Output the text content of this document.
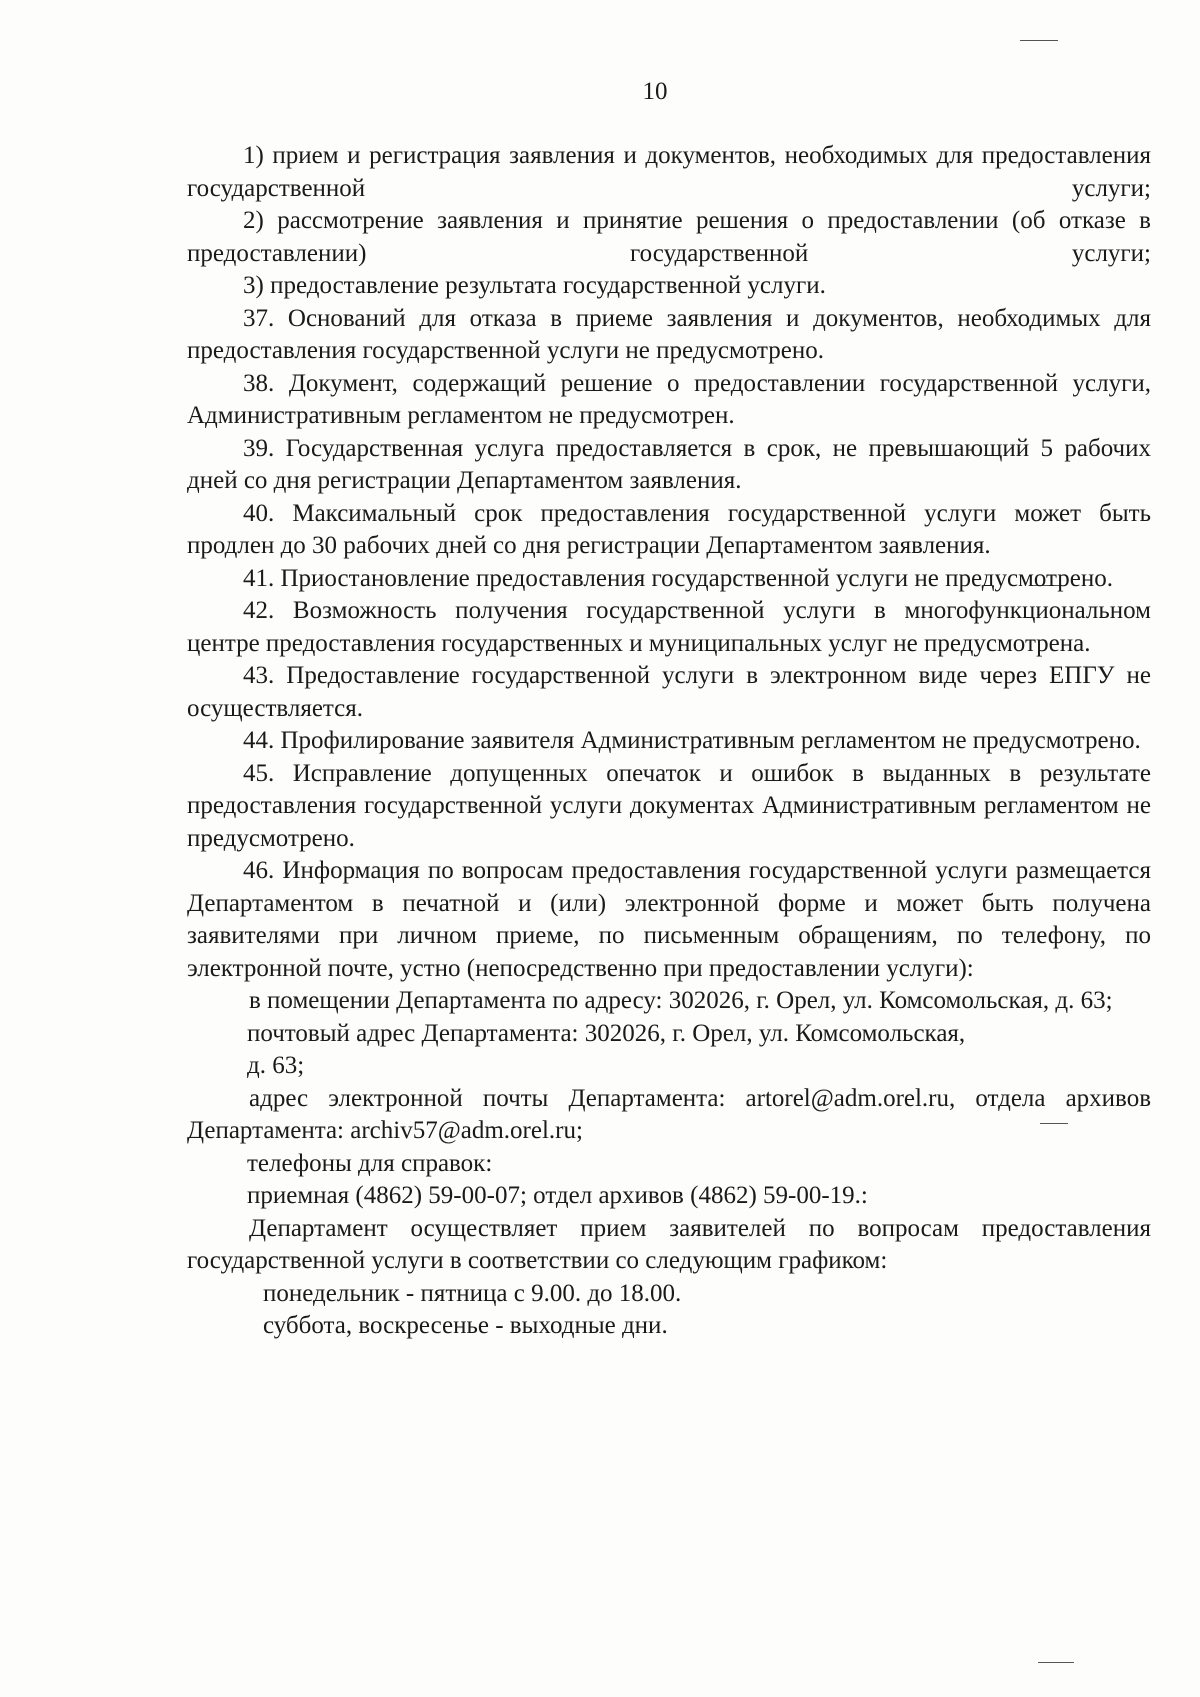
10

1) прием и регистрация заявления и документов, необходимых для предоставления государственной услуги;

2) рассмотрение заявления и принятие решения о предоставлении (об отказе в предоставлении) государственной услуги;

3) предоставление результата государственной услуги.

37. Оснований для отказа в приеме заявления и документов, необходимых для предоставления государственной услуги не предусмотрено.

38. Документ, содержащий решение о предоставлении государственной услуги, Административным регламентом не предусмотрен.

39. Государственная услуга предоставляется в срок, не превышающий 5 рабочих дней со дня регистрации Департаментом заявления.

40. Максимальный срок предоставления государственной услуги может быть продлен до 30 рабочих дней со дня регистрации Департаментом заявления.

41. Приостановление предоставления государственной услуги не предусмотрено.

42. Возможность получения государственной услуги в многофункциональном центре предоставления государственных и муниципальных услуг не предусмотрена.

43. Предоставление государственной услуги в электронном виде через ЕПГУ не осуществляется.

44. Профилирование заявителя Административным регламентом не предусмотрено.

45. Исправление допущенных опечаток и ошибок в выданных в результате предоставления государственной услуги документах Административным регламентом не предусмотрено.

46. Информация по вопросам предоставления государственной услуги размещается Департаментом в печатной и (или) электронной форме и может быть получена заявителями при личном приеме, по письменным обращениям, по телефону, по электронной почте, устно (непосредственно при предоставлении услуги):

в помещении Департамента по адресу: 302026, г. Орел, ул. Комсомольская, д. 63;

почтовый адрес Департамента: 302026, г. Орел, ул. Комсомольская,

д. 63;

адрес электронной почты Департамента: artorel@adm.orel.ru, отдела архивов Департамента: archiv57@adm.orel.ru;

телефоны для справок:

приемная (4862) 59-00-07; отдел архивов (4862) 59-00-19.:

Департамент осуществляет прием заявителей по вопросам предоставления государственной услуги в соответствии со следующим графиком:

понедельник - пятница с 9.00. до 18.00.

суббота, воскресенье - выходные дни.
